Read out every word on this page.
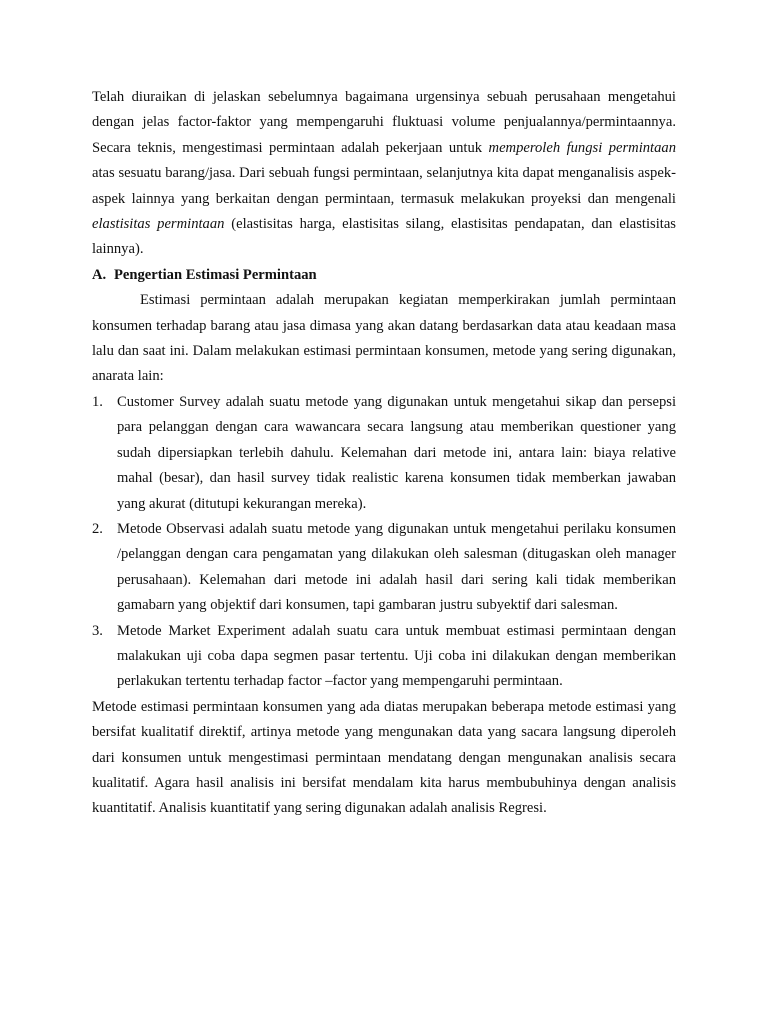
Telah diuraikan di jelaskan sebelumnya bagaimana urgensinya sebuah perusahaan mengetahui dengan jelas factor-faktor yang mempengaruhi fluktuasi volume penjualannya/permintaannya. Secara teknis, mengestimasi permintaan adalah pekerjaan untuk memperoleh fungsi permintaan atas sesuatu barang/jasa. Dari sebuah fungsi permintaan, selanjutnya kita dapat menganalisis aspek-aspek lainnya yang berkaitan dengan permintaan, termasuk melakukan proyeksi dan mengenali elastisitas permintaan (elastisitas harga, elastisitas silang, elastisitas pendapatan, dan elastisitas lainnya).

A. Pengertian Estimasi Permintaan

Estimasi permintaan adalah merupakan kegiatan memperkirakan jumlah permintaan konsumen terhadap barang atau jasa dimasa yang akan datang berdasarkan data atau keadaan masa lalu dan saat ini. Dalam melakukan estimasi permintaan konsumen, metode yang sering digunakan, anarata lain:

1. Customer Survey adalah suatu metode yang digunakan untuk mengetahui sikap dan persepsi para pelanggan dengan cara wawancara secara langsung atau memberikan questioner yang sudah dipersiapkan terlebih dahulu. Kelemahan dari metode ini, antara lain: biaya relative mahal (besar), dan hasil survey tidak realistic karena konsumen tidak memberkan jawaban yang akurat (ditutupi kekurangan mereka).
2. Metode Observasi adalah suatu metode yang digunakan untuk mengetahui perilaku konsumen /pelanggan dengan cara pengamatan yang dilakukan oleh salesman (ditugaskan oleh manager perusahaan). Kelemahan dari metode ini adalah hasil dari sering kali tidak memberikan gamabarn yang objektif dari konsumen, tapi gambaran justru subyektif dari salesman.
3. Metode Market Experiment adalah suatu cara untuk membuat estimasi permintaan dengan malakukan uji coba dapa segmen pasar tertentu. Uji coba ini dilakukan dengan memberikan perlakukan tertentu terhadap factor –factor yang mempengaruhi permintaan.

Metode estimasi permintaan konsumen yang ada diatas merupakan beberapa metode estimasi yang bersifat kualitatif direktif, artinya metode yang mengunakan data yang sacara langsung diperoleh dari konsumen untuk mengestimasi permintaan mendatang dengan mengunakan analisis secara kualitatif. Agara hasil analisis ini bersifat mendalam kita harus membubuhinya dengan analisis kuantitatif. Analisis kuantitatif yang sering digunakan adalah analisis Regresi.
